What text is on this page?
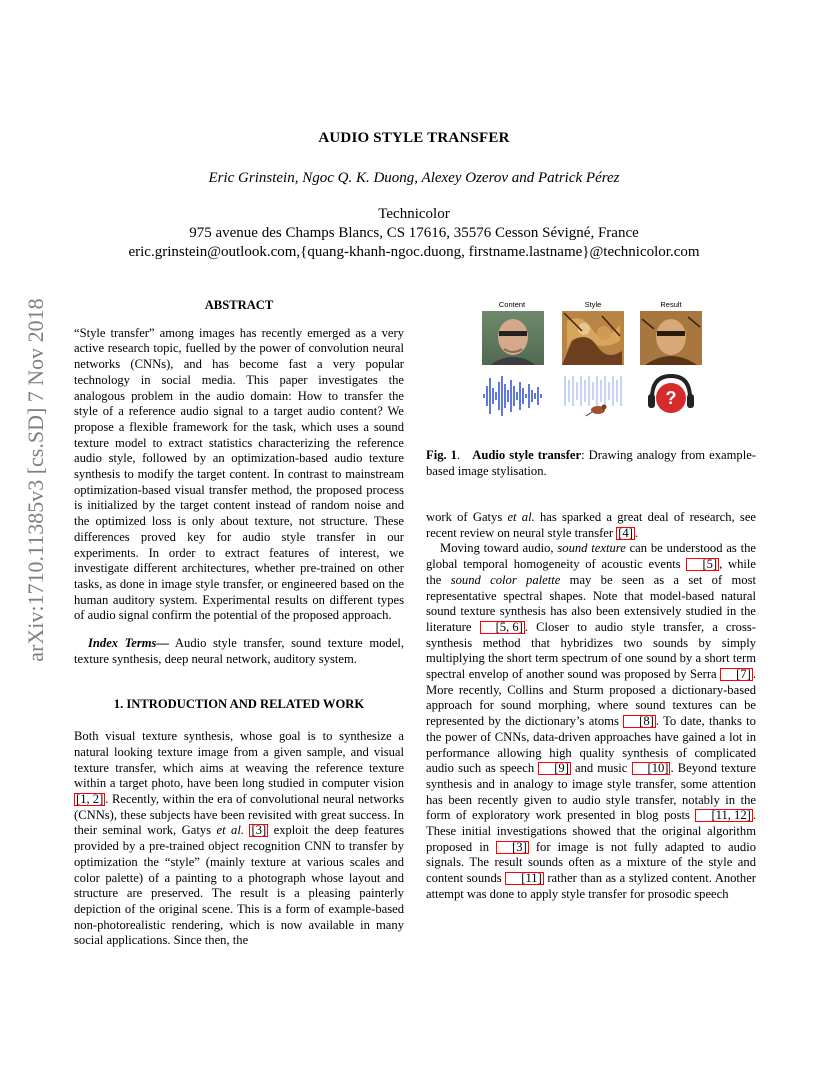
arXiv:1710.11385v3 [cs.SD] 7 Nov 2018
AUDIO STYLE TRANSFER
Eric Grinstein, Ngoc Q. K. Duong, Alexey Ozerov and Patrick Pérez
Technicolor
975 avenue des Champs Blancs, CS 17616, 35576 Cesson Sévigné, France
eric.grinstein@outlook.com,{quang-khanh-ngoc.duong, firstname.lastname}@technicolor.com
ABSTRACT

“Style transfer” among images has recently emerged as a very active research topic, fuelled by the power of convolution neural networks (CNNs), and has become fast a very popular technology in social media. This paper investigates the analogous problem in the audio domain: How to transfer the style of a reference audio signal to a target audio content? We propose a flexible framework for the task, which uses a sound texture model to extract statistics characterizing the reference audio style, followed by an optimization-based audio texture synthesis to modify the target content. In contrast to mainstream optimization-based visual transfer method, the proposed process is initialized by the target content instead of random noise and the optimized loss is only about texture, not structure. These differences proved key for audio style transfer in our experiments. In order to extract features of interest, we investigate different architectures, whether pre-trained on other tasks, as done in image style transfer, or engineered based on the human auditory system. Experimental results on different types of audio signal confirm the potential of the proposed approach.

Index Terms— Audio style transfer, sound texture model, texture synthesis, deep neural network, auditory system.

1. INTRODUCTION AND RELATED WORK

Both visual texture synthesis, whose goal is to synthesize a natural looking texture image from a given sample, and visual texture transfer, which aims at weaving the reference texture within a target photo, have been long studied in computer vision [1, 2] . Recently, within the era of convolutional neural networks (CNNs), these subjects have been revisited with great success. In their seminal work, Gatys et al. [3] exploit the deep features provided by a pre-trained object recognition CNN to transfer by optimization the “style” (mainly texture at various scales and color palette) of a painting to a photograph whose layout and structure are preserved. The result is a pleasing painterly depiction of the original scene. This is a form of example-based non-photorealistic rendering, which is now available in many social applications. Since then, the

Content	Style	Result
?

Fig. 1.   Audio style transfer: Drawing analogy from example-based image stylisation.

work of Gatys et al. has sparked a great deal of research, see recent review on neural style transfer [4] .

Moving toward audio, sound texture can be understood as the global temporal homogeneity of acoustic events [5] , while the sound color palette may be seen as a set of most representative spectral shapes. Note that model-based natural sound texture synthesis has also been extensively studied in the literature [5, 6] . Closer to audio style transfer, a cross-synthesis method that hybridizes two sounds by simply multiplying the short term spectrum of one sound by a short term spectral envelop of another sound was proposed by Serra [7] . More recently, Collins and Sturm proposed a dictionary-based approach for sound morphing, where sound textures can be represented by the dictionary’s atoms [8] . To date, thanks to the power of CNNs, data-driven approaches have gained a lot in performance allowing high quality synthesis of complicated audio such as speech [9] and music [10] . Beyond texture synthesis and in analogy to image style transfer, some attention has been recently given to audio style transfer, notably in the form of exploratory work presented in blog posts [11, 12] . These initial investigations showed that the original algorithm proposed in [3] for image is not fully adapted to audio signals. The result sounds often as a mixture of the style and content sounds [11] rather than as a stylized content. Another attempt was done to apply style transfer for prosodic speech
